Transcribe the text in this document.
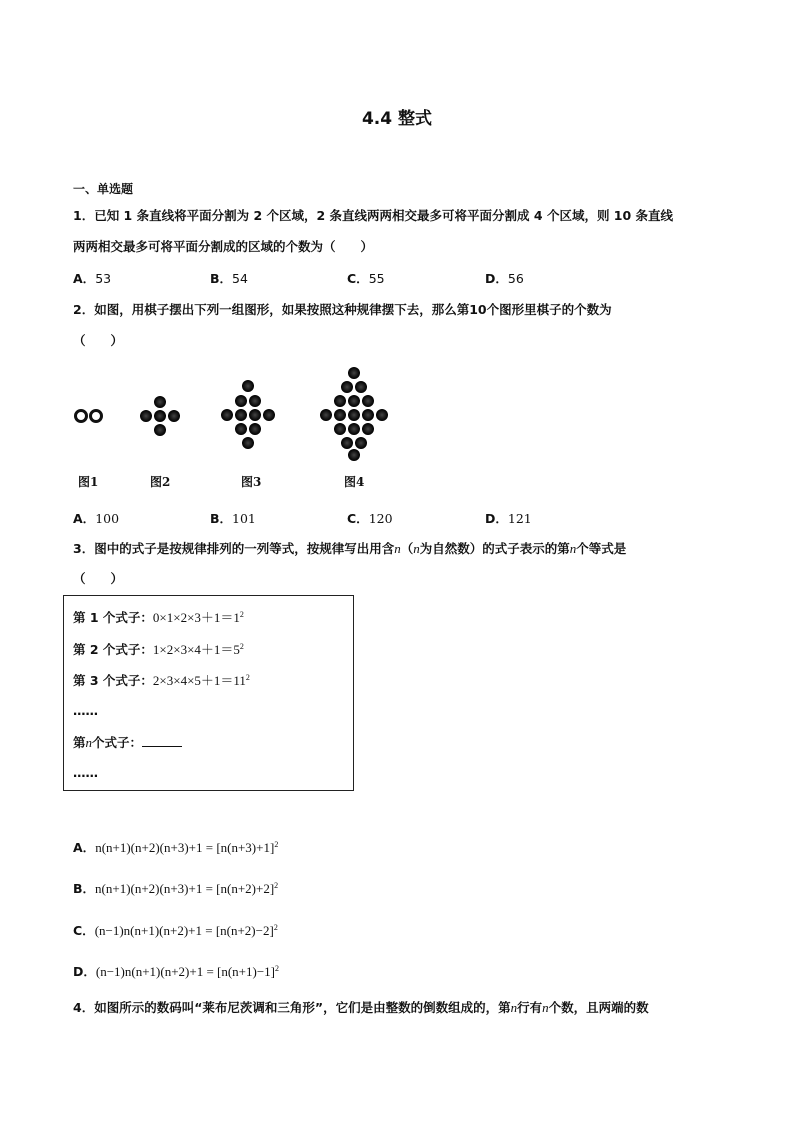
4.4 整式
一、单选题
1．已知 1 条直线将平面分割为 2 个区域，2 条直线两两相交最多可将平面分割成 4 个区域，则 10 条直线
两两相交最多可将平面分割成的区域的个数为（　　）
A．53	B．54	C．55	D．56
2．如图，用棋子摆出下列一组图形，如果按照这种规律摆下去，那么第10个图形里棋子的个数为
（　　）
图1	图2	图3	图4
A．100	B．101	C．120	D．121
3．图中的式子是按规律排列的一列等式，按规律写出用含n（n为自然数）的式子表示的第n个等式是
（　　）
第 1 个式子：$0\times 1\times 2\times 3+1=1^2$
第 2 个式子：$1\times 2\times 3\times 4+1=5^2$
第 3 个式子：$2\times 3\times 4\times 5+1=11^2$
……
第n个式子：
……
A．$n(n+1)(n+2)(n+3)+1 = [n(n+3)+1]^2$
B．$n(n+1)(n+2)(n+3)+1 = [n(n+2)+2]^2$
C．$(n-1)n(n+1)(n+2)+1 = [n(n+2)-2]^2$
D．$(n-1)n(n+1)(n+2)+1 = [n(n+1)-1]^2$
4．如图所示的数码叫“莱布尼茨调和三角形”，它们是由整数的倒数组成的，第n行有n个数，且两端的数
